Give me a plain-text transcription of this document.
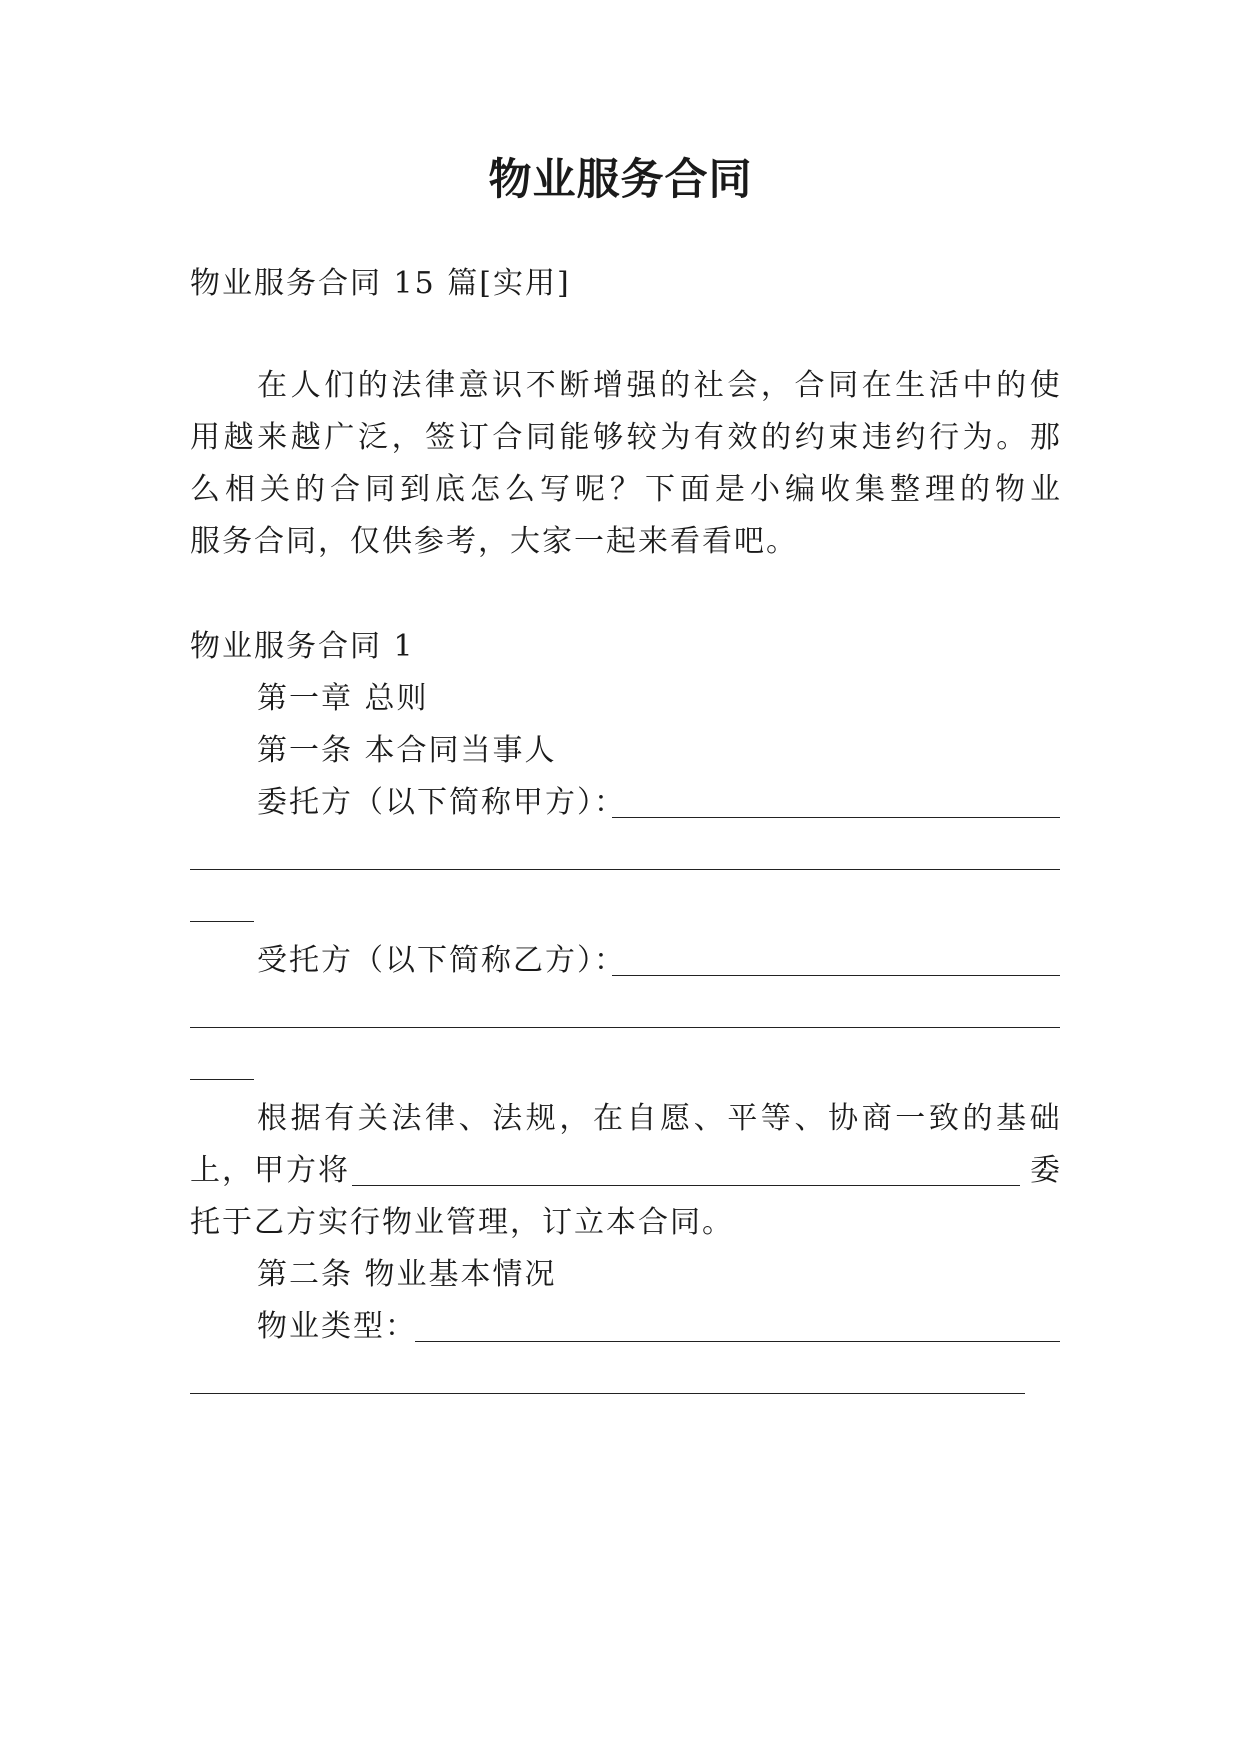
物业服务合同
物业服务合同 15 篇[实用]
在 人 们 的 法 律 意 识 不 断 增 强 的 社 会 ， 合 同 在 生 活 中 的 使
用 越 来 越 广 泛 ， 签 订 合 同 能 够 较 为 有 效 的 约 束 违 约 行 为 。 那
么 相 关 的 合 同 到 底 怎 么 写 呢 ？ 下 面 是 小 编 收 集 整 理 的 物 业
服务合同，仅供参考，大家一起来看看吧。
物业服务合同 1
第一章 总则
第一条 本合同当事人
委托方（以下简称甲方）：
受托方（以下简称乙方）：
根 据 有 关 法 律 、 法 规 ， 在 自 愿 、 平 等 、 协 商 一 致 的 基 础
上，甲方将	委
托于乙方实行物业管理，订立本合同。
第二条 物业基本情况
物业类型：
